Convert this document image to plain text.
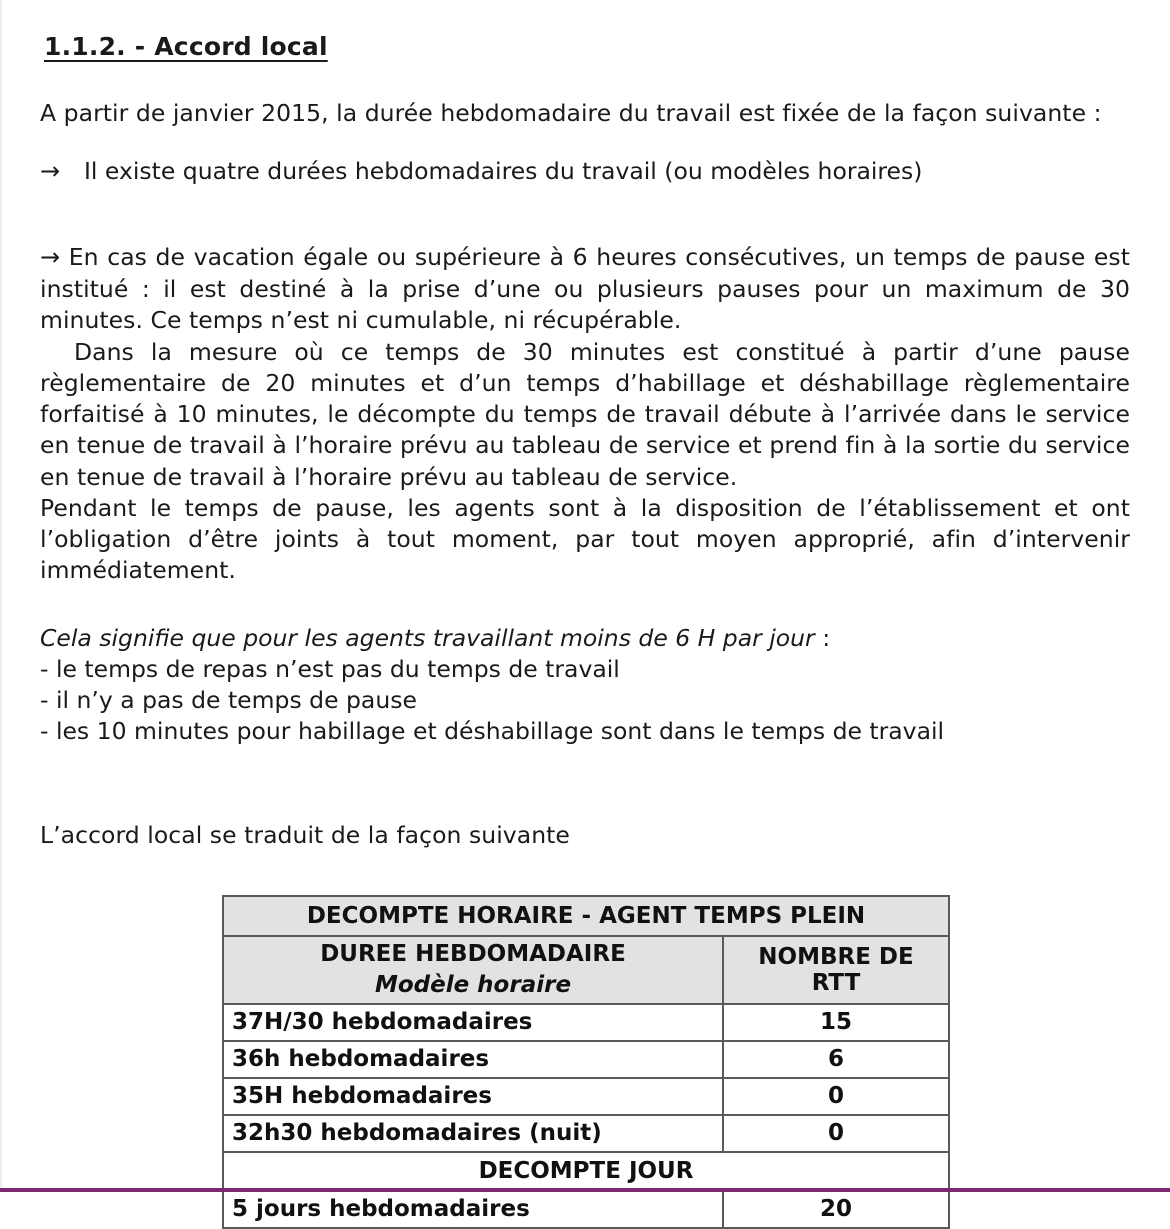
1.1.2. - Accord local

A partir de janvier 2015, la durée hebdomadaire du travail est fixée de la façon suivante :

→	Il existe quatre durées hebdomadaires du travail (ou modèles horaires)

→ En cas de vacation égale ou supérieure à 6 heures consécutives, un temps de pause est institué : il est destiné à la prise d’une ou plusieurs pauses pour un maximum de 30 minutes. Ce temps n’est ni cumulable, ni récupérable.

Dans la mesure où ce temps de 30 minutes est constitué à partir d’une pause règlementaire de 20 minutes et d’un temps d’habillage et déshabillage règlementaire forfaitisé à 10 minutes, le décompte du temps de travail débute à l’arrivée dans le service en tenue de travail à l’horaire prévu au tableau de service et prend fin à la sortie du service en tenue de travail à l’horaire prévu au tableau de service.

Pendant le temps de pause, les agents sont à la disposition de l’établissement et ont l’obligation d’être joints à tout moment, par tout moyen approprié, afin d’intervenir immédiatement.

Cela signifie que pour les agents travaillant moins de 6 H par jour :

- le temps de repas n’est pas du temps de travail

- il n’y a pas de temps de pause

- les 10 minutes pour habillage et déshabillage sont dans le temps de travail

L’accord local se traduit de la façon suivante

DECOMPTE HORAIRE - AGENT TEMPS PLEIN	
DUREE HEBDOMADAIRE
Modèle horaire	NOMBRE DE RTT
37H/30 hebdomadaires	15
36h hebdomadaires	6
35H hebdomadaires	0
32h30 hebdomadaires (nuit)	0
DECOMPTE JOUR	
5 jours hebdomadaires	20
